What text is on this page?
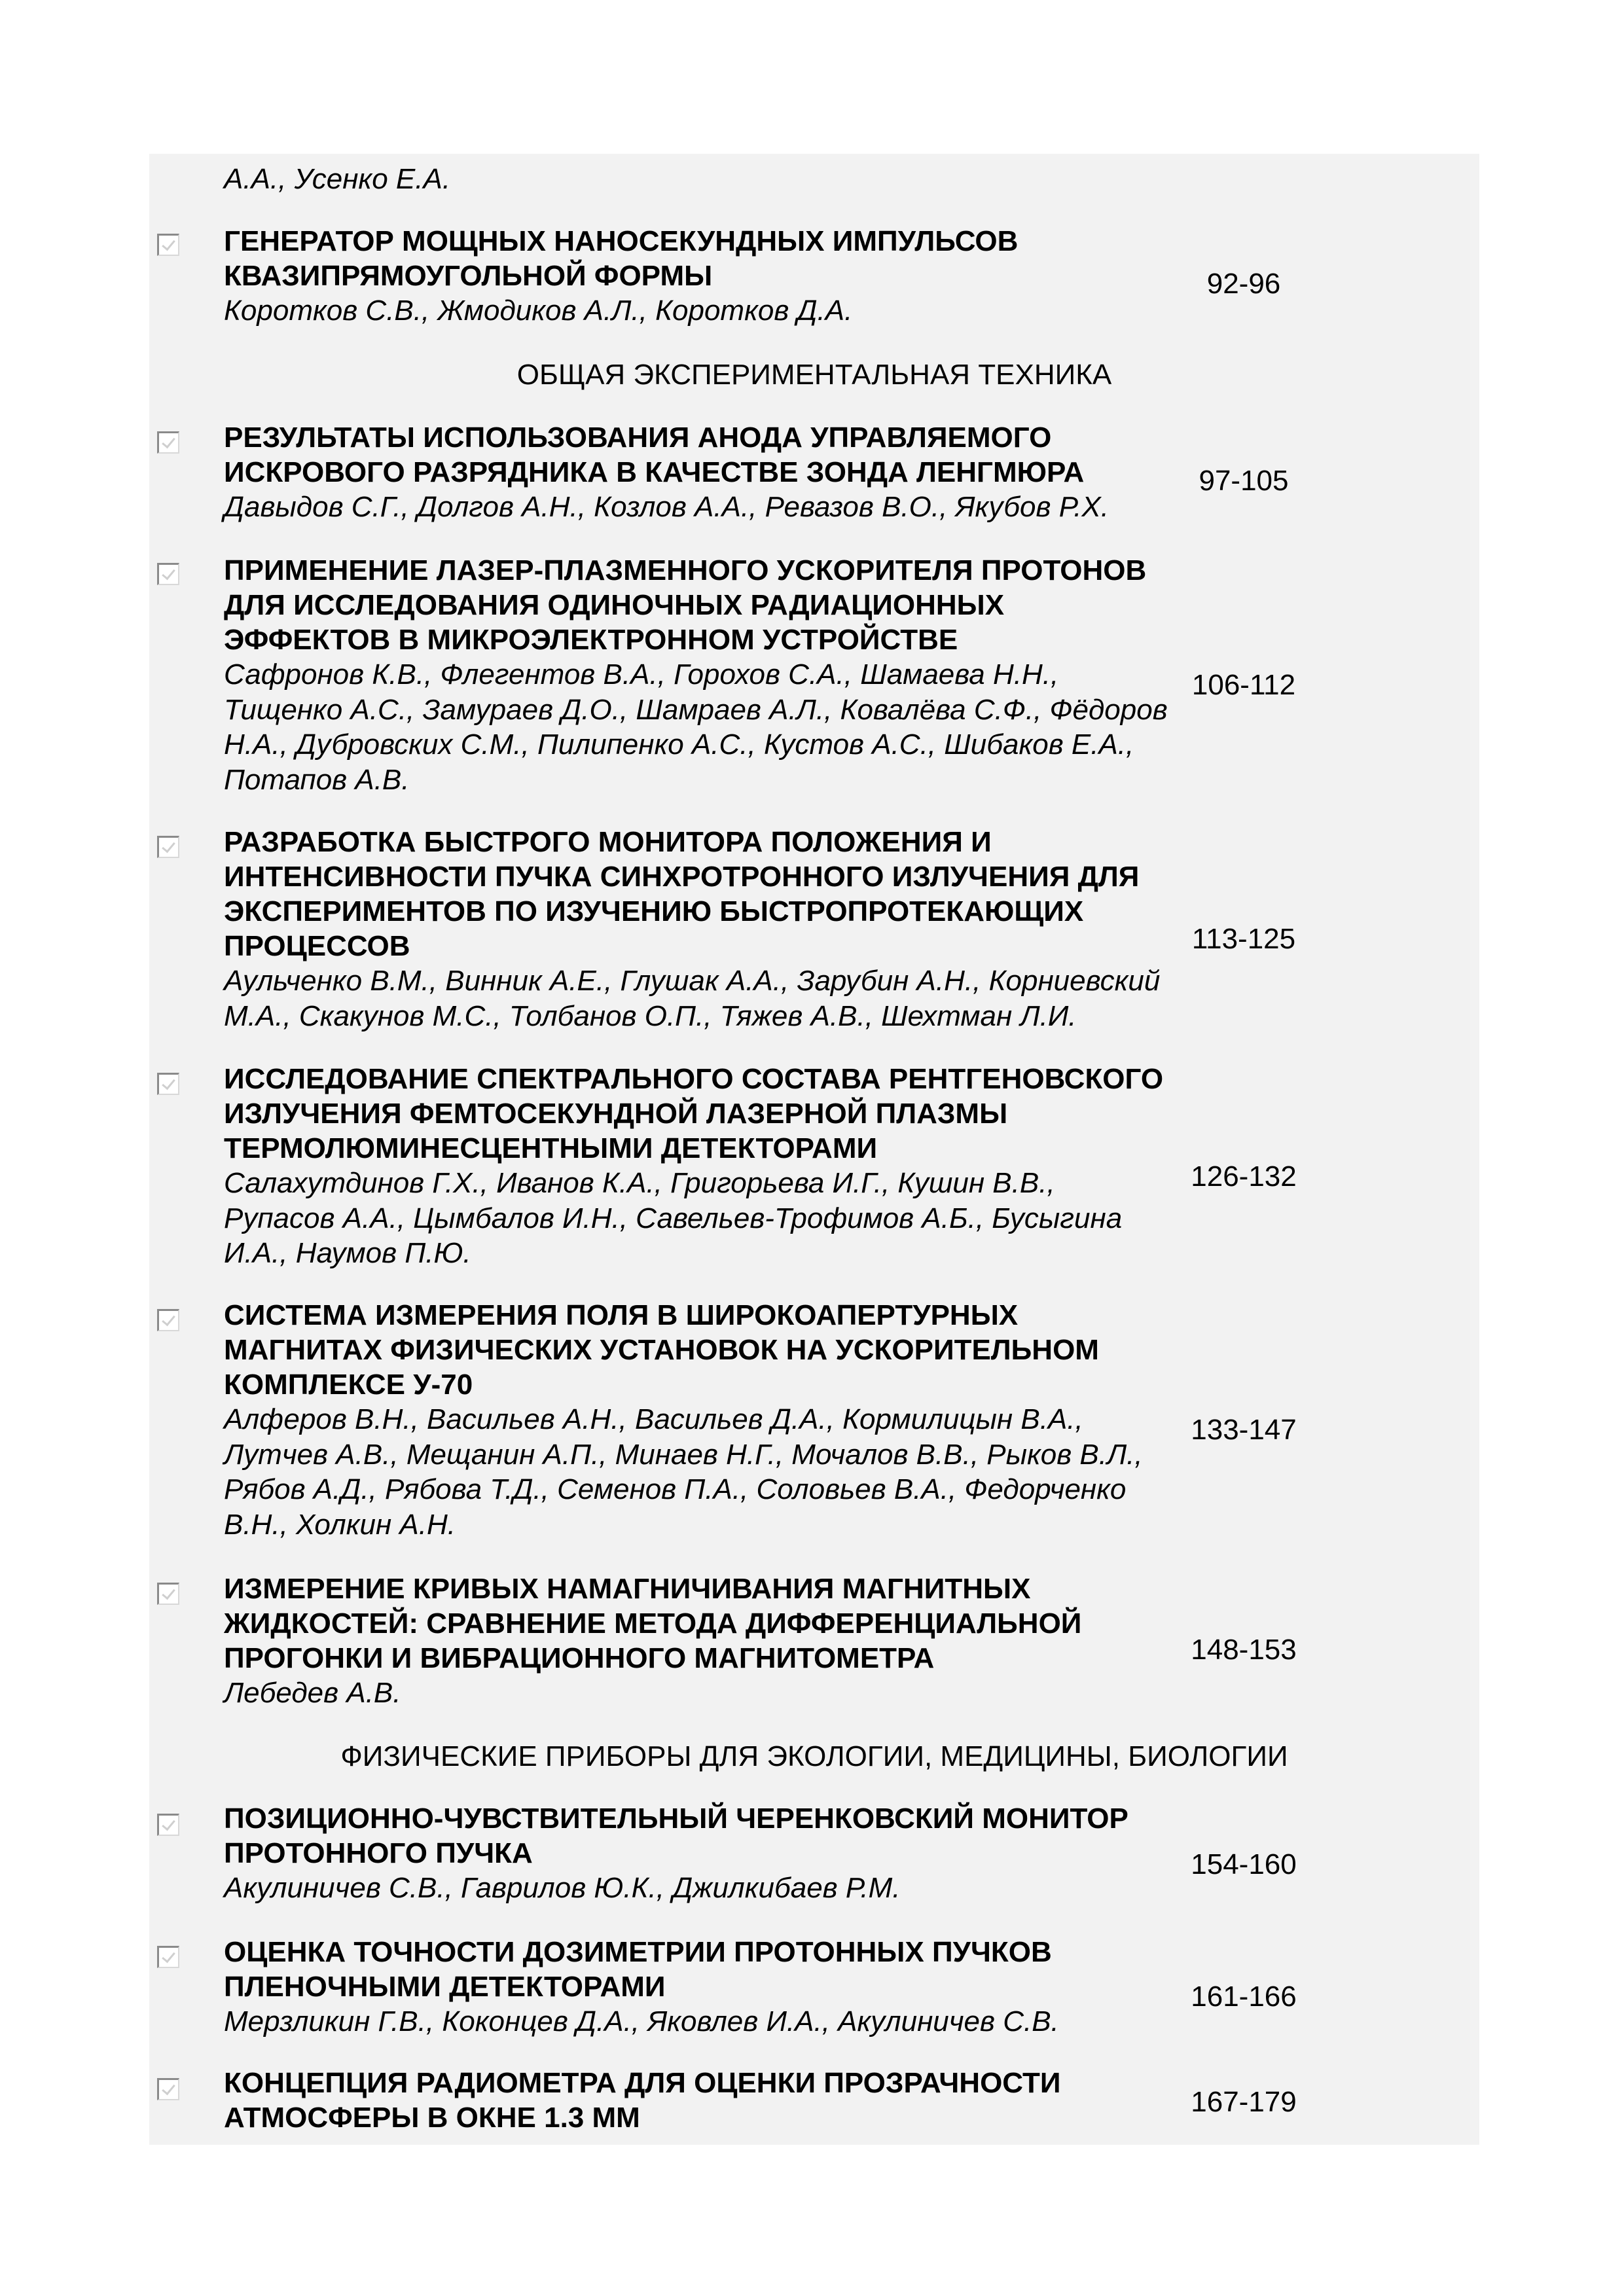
А.А., Усенко Е.А.
ГЕНЕРАТОР МОЩНЫХ НАНОСЕКУНДНЫХ ИМПУЛЬСОВ
КВАЗИПРЯМОУГОЛЬНОЙ ФОРМЫ
Коротков С.В., Жмодиков А.Л., Коротков Д.А.
92-96
ОБЩАЯ ЭКСПЕРИМЕНТАЛЬНАЯ ТЕХНИКА
РЕЗУЛЬТАТЫ ИСПОЛЬЗОВАНИЯ АНОДА УПРАВЛЯЕМОГО
ИСКРОВОГО РАЗРЯДНИКА В КАЧЕСТВЕ ЗОНДА ЛЕНГМЮРА
Давыдов С.Г., Долгов А.Н., Козлов А.А., Ревазов В.О., Якубов Р.Х.
97-105
ПРИМЕНЕНИЕ ЛАЗЕР-ПЛАЗМЕННОГО УСКОРИТЕЛЯ ПРОТОНОВ
ДЛЯ ИССЛЕДОВАНИЯ ОДИНОЧНЫХ РАДИАЦИОННЫХ
ЭФФЕКТОВ В МИКРОЭЛЕКТРОННОМ УСТРОЙСТВЕ
Сафронов К.В., Флегентов В.А., Горохов С.А., Шамаева Н.Н.,
Тищенко А.С., Замураев Д.О., Шамраев А.Л., Ковалёва С.Ф., Фёдоров
Н.А., Дубровских С.М., Пилипенко А.С., Кустов А.С., Шибаков Е.А.,
Потапов А.В.
106-112
РАЗРАБОТКА БЫСТРОГО МОНИТОРА ПОЛОЖЕНИЯ И
ИНТЕНСИВНОСТИ ПУЧКА СИНХРОТРОННОГО ИЗЛУЧЕНИЯ ДЛЯ
ЭКСПЕРИМЕНТОВ ПО ИЗУЧЕНИЮ БЫСТРОПРОТЕКАЮЩИХ
ПРОЦЕССОВ
Аульченко В.М., Винник А.Е., Глушак А.А., Зарубин А.Н., Корниевский
М.А., Скакунов М.С., Толбанов О.П., Тяжев А.В., Шехтман Л.И.
113-125
ИССЛЕДОВАНИЕ СПЕКТРАЛЬНОГО СОСТАВА РЕНТГЕНОВСКОГО
ИЗЛУЧЕНИЯ ФЕМТОСЕКУНДНОЙ ЛАЗЕРНОЙ ПЛАЗМЫ
ТЕРМОЛЮМИНЕСЦЕНТНЫМИ ДЕТЕКТОРАМИ
Салахутдинов Г.Х., Иванов К.А., Григорьева И.Г., Кушин В.В.,
Рупасов А.А., Цымбалов И.Н., Савельев-Трофимов А.Б., Бусыгина
И.А., Наумов П.Ю.
126-132
СИСТЕМА ИЗМЕРЕНИЯ ПОЛЯ В ШИРОКОАПЕРТУРНЫХ
МАГНИТАХ ФИЗИЧЕСКИХ УСТАНОВОК НА УСКОРИТЕЛЬНОМ
КОМПЛЕКСЕ У-70
Алферов В.Н., Васильев А.Н., Васильев Д.А., Кормилицын В.А.,
Лутчев А.В., Мещанин А.П., Минаев Н.Г., Мочалов В.В., Рыков В.Л.,
Рябов А.Д., Рябова Т.Д., Семенов П.А., Соловьев В.А., Федорченко
В.Н., Холкин А.Н.
133-147
ИЗМЕРЕНИЕ КРИВЫХ НАМАГНИЧИВАНИЯ МАГНИТНЫХ
ЖИДКОСТЕЙ: СРАВНЕНИЕ МЕТОДА ДИФФЕРЕНЦИАЛЬНОЙ
ПРОГОНКИ И ВИБРАЦИОННОГО МАГНИТОМЕТРА
Лебедев А.В.
148-153
ФИЗИЧЕСКИЕ ПРИБОРЫ ДЛЯ ЭКОЛОГИИ, МЕДИЦИНЫ, БИОЛОГИИ
ПОЗИЦИОННО-ЧУВСТВИТЕЛЬНЫЙ ЧЕРЕНКОВСКИЙ МОНИТОР
ПРОТОННОГО ПУЧКА
Акулиничев С.В., Гаврилов Ю.К., Джилкибаев Р.М.
154-160
ОЦЕНКА ТОЧНОСТИ ДОЗИМЕТРИИ ПРОТОННЫХ ПУЧКОВ
ПЛЕНОЧНЫМИ ДЕТЕКТОРАМИ
Мерзликин Г.В., Коконцев Д.А., Яковлев И.А., Акулиничев С.В.
161-166
КОНЦЕПЦИЯ РАДИОМЕТРА ДЛЯ ОЦЕНКИ ПРОЗРАЧНОСТИ
АТМОСФЕРЫ В ОКНЕ 1.3 ММ	167-179
